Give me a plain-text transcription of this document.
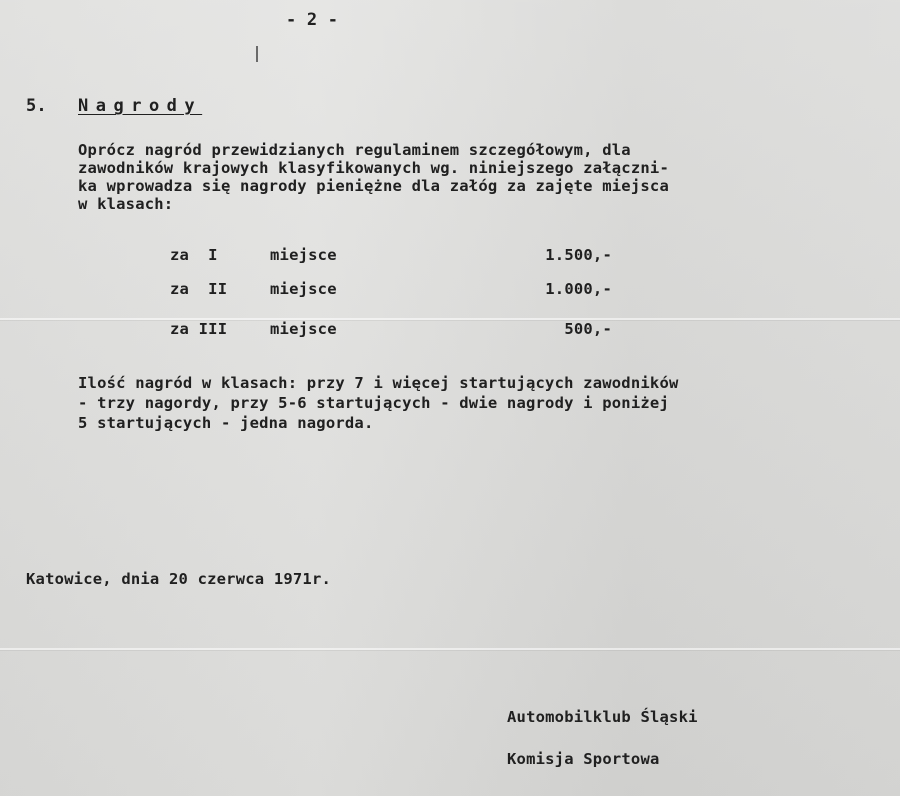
- 2 -
5. Nagrody
Oprócz nagród przewidzianych regulaminem szczegółowym, dla
zawodników krajowych klasyfikowanych wg. niniejszego załączni-
ka wprowadza się nagrody pieniężne dla załóg za zajęte miejsca
w klasach:
za I	miejsce	1.500,-
za II	miejsce	1.000,-
za III	miejsce	500,-
Ilość nagród w klasach: przy 7 i więcej startujących zawodników
- trzy nagordy, przy 5-6 startujących - dwie nagrody i poniżej
5 startujących - jedna nagorda.
Katowice, dnia 20 czerwca 1971r.
Automobilklub Śląski
Komisja Sportowa
